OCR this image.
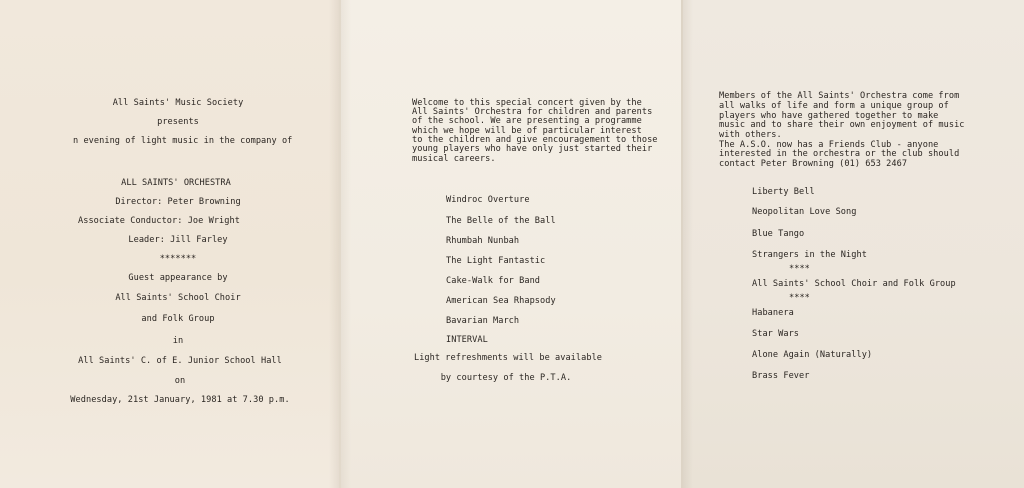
All Saints' Music Society
presents
n evening of light music in the company of
ALL SAINTS' ORCHESTRA
Director: Peter Browning
Associate Conductor: Joe Wright
Leader: Jill Farley
*******
Guest appearance by
All Saints' School Choir
and Folk Group
in
All Saints' C. of E. Junior School Hall
on
Wednesday, 21st January, 1981 at 7.30 p.m.

Welcome to this special concert given by the
All Saints' Orchestra for children and parents
of the school. We are presenting a programme
which we hope will be of particular interest
to the children and give encouragement to those
young players who have only just started their
musical careers.
Windroc Overture
The Belle of the Ball
Rhumbah Nunbah
The Light Fantastic
Cake-Walk for Band
American Sea Rhapsody
Bavarian March
INTERVAL
Light refreshments will be available
by courtesy of the P.T.A.
Members of the All Saints' Orchestra come from
all walks of life and form a unique group of
players who have gathered together to make
music and to share their own enjoyment of music
with others.
The A.S.O. now has a Friends Club - anyone
interested in the orchestra or the club should
contact Peter Browning (01) 653 2467
Liberty Bell
Neopolitan Love Song
Blue Tango
Strangers in the Night
****
All Saints' School Choir and Folk Group
****
Habanera
Star Wars
Alone Again (Naturally)
Brass Fever
